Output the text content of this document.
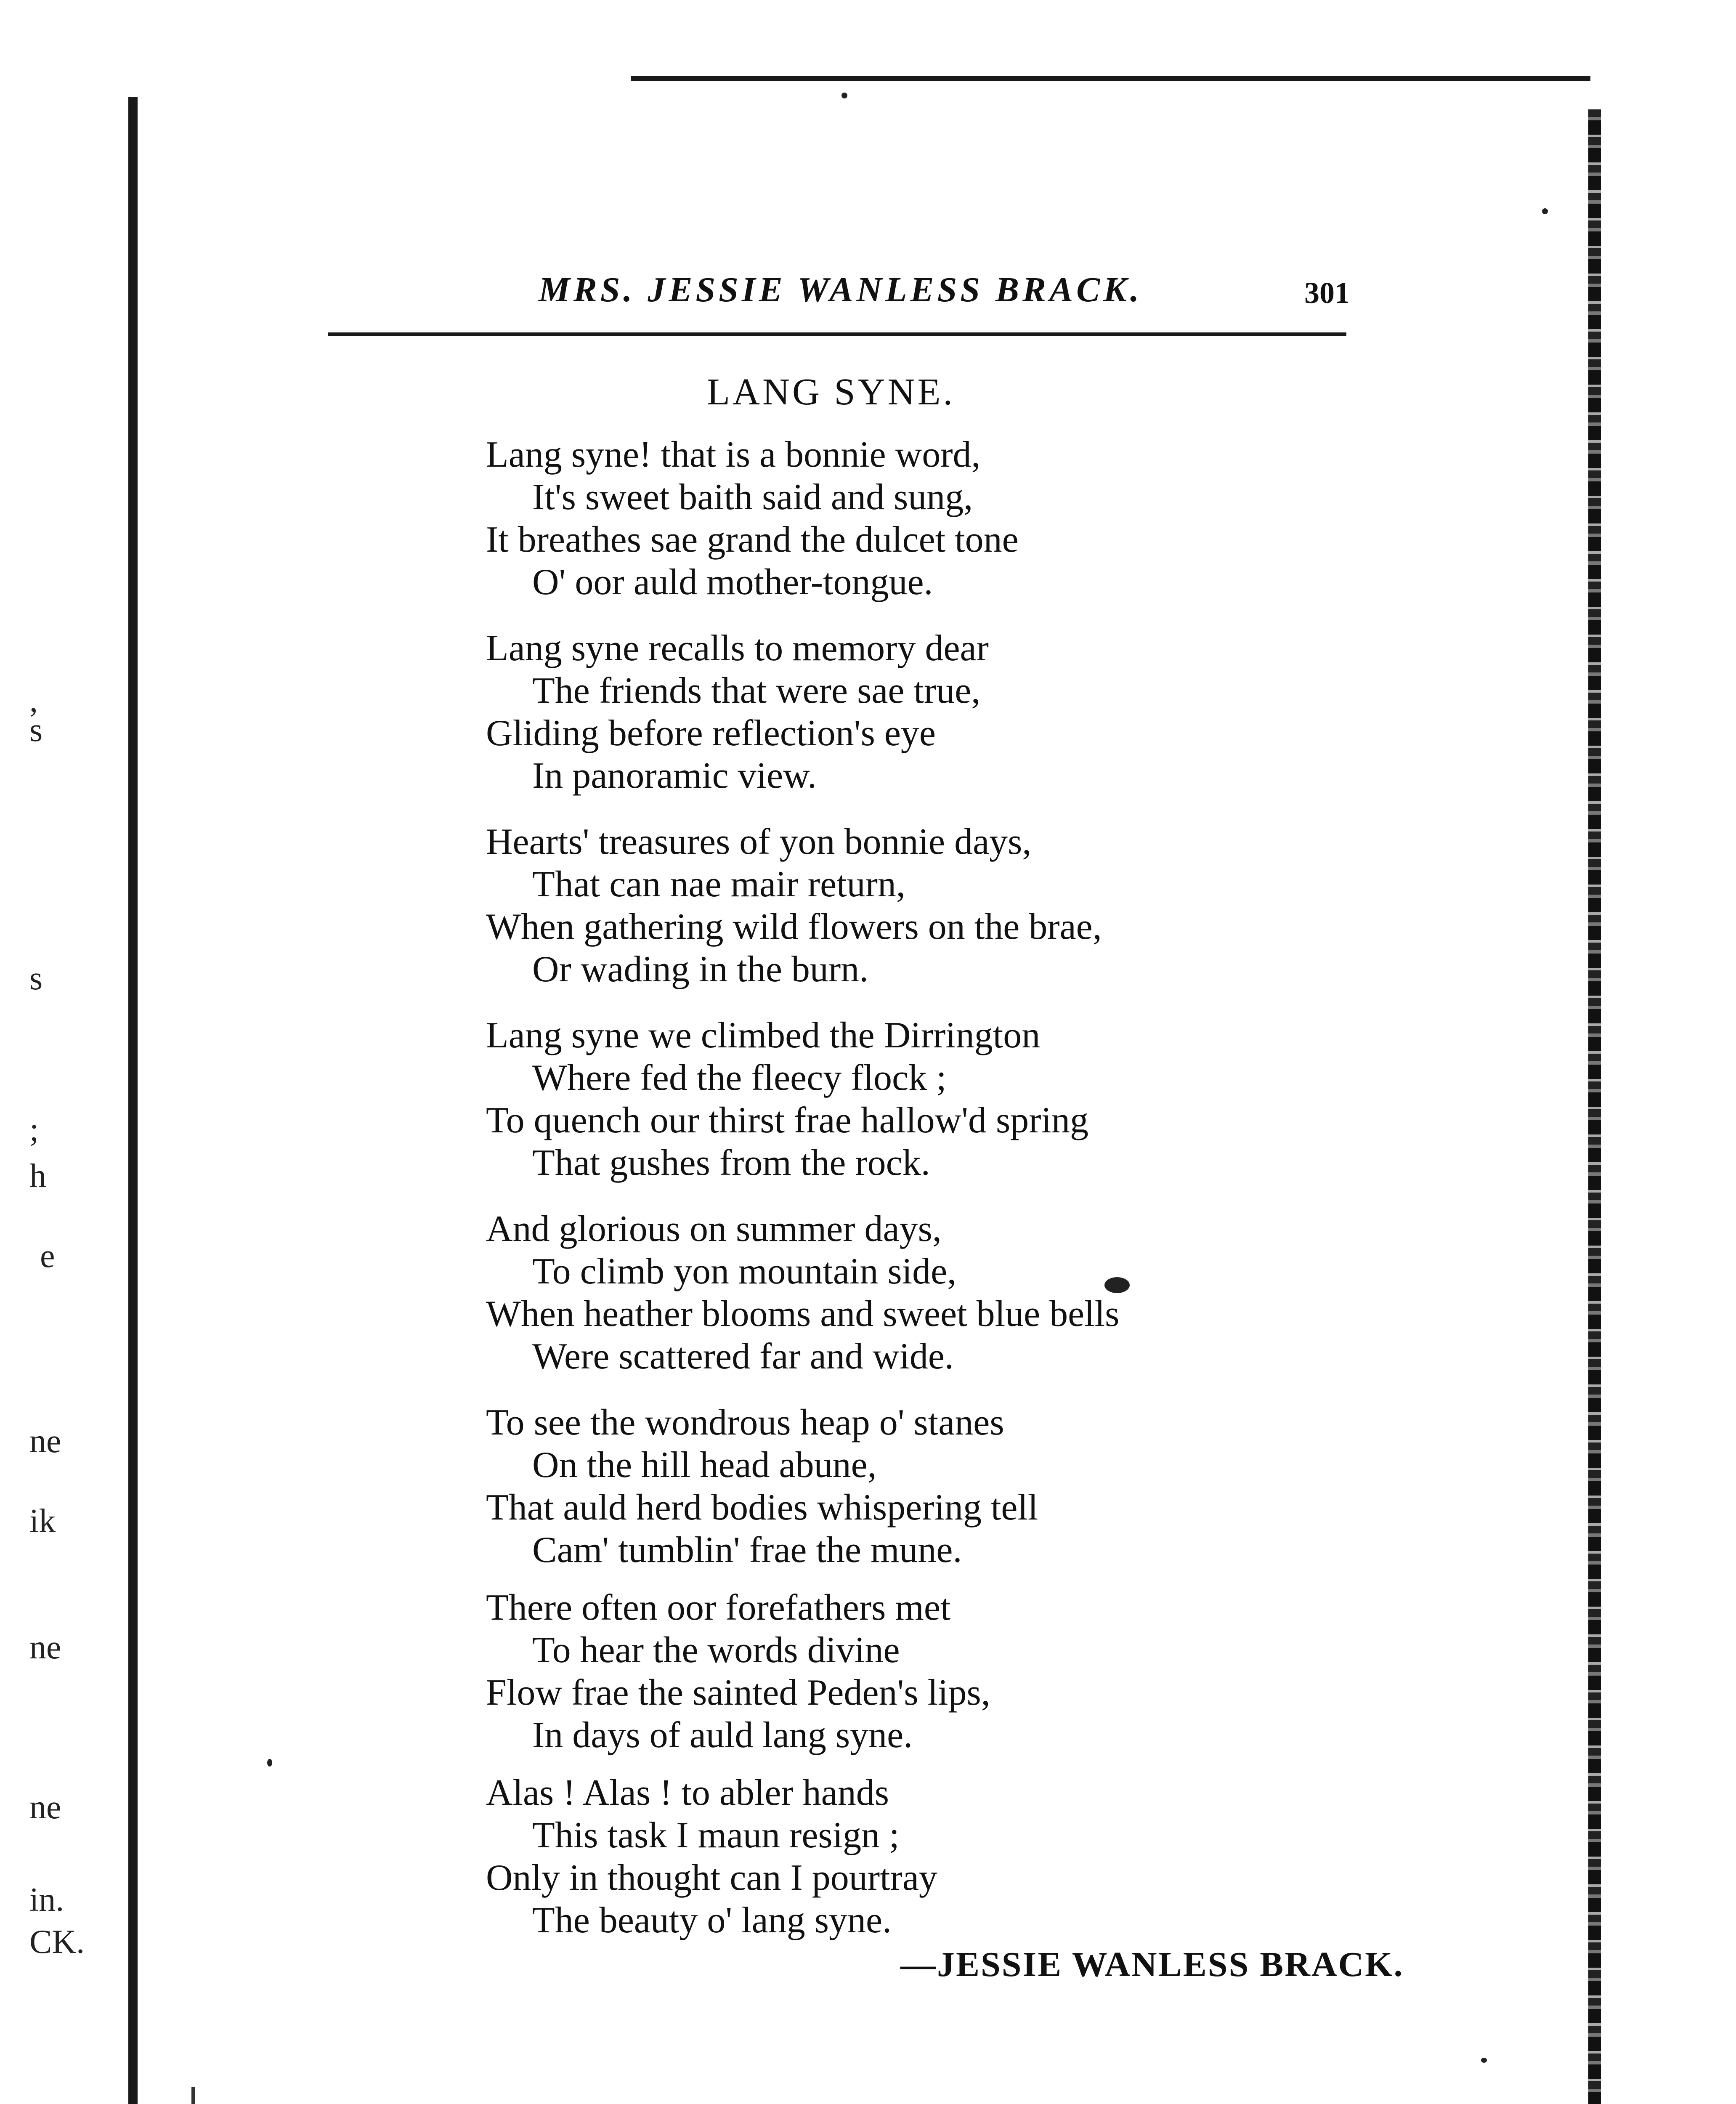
,
s
s
;
h
e
ne
ik
ne
ne
in.
CK.
MRS. JESSIE WANLESS BRACK.	301
LANG SYNE.
Lang syne! that is a bonnie word,
It's sweet baith said and sung,
It breathes sae grand the dulcet tone
O' oor auld mother-tongue.
Lang syne recalls to memory dear
The friends that were sae true,
Gliding before reflection's eye
In panoramic view.
Hearts' treasures of yon bonnie days,
That can nae mair return,
When gathering wild flowers on the brae,
Or wading in the burn.
Lang syne we climbed the Dirrington
Where fed the fleecy flock ;
To quench our thirst frae hallow'd spring
That gushes from the rock.
And glorious on summer days,
To climb yon mountain side,
When heather blooms and sweet blue bells
Were scattered far and wide.
To see the wondrous heap o' stanes
On the hill head abune,
That auld herd bodies whispering tell
Cam' tumblin' frae the mune.
There often oor forefathers met
To hear the words divine
Flow frae the sainted Peden's lips,
In days of auld lang syne.
Alas ! Alas ! to abler hands
This task I maun resign ;
Only in thought can I pourtray
The beauty o' lang syne.
—JESSIE WANLESS BRACK.
